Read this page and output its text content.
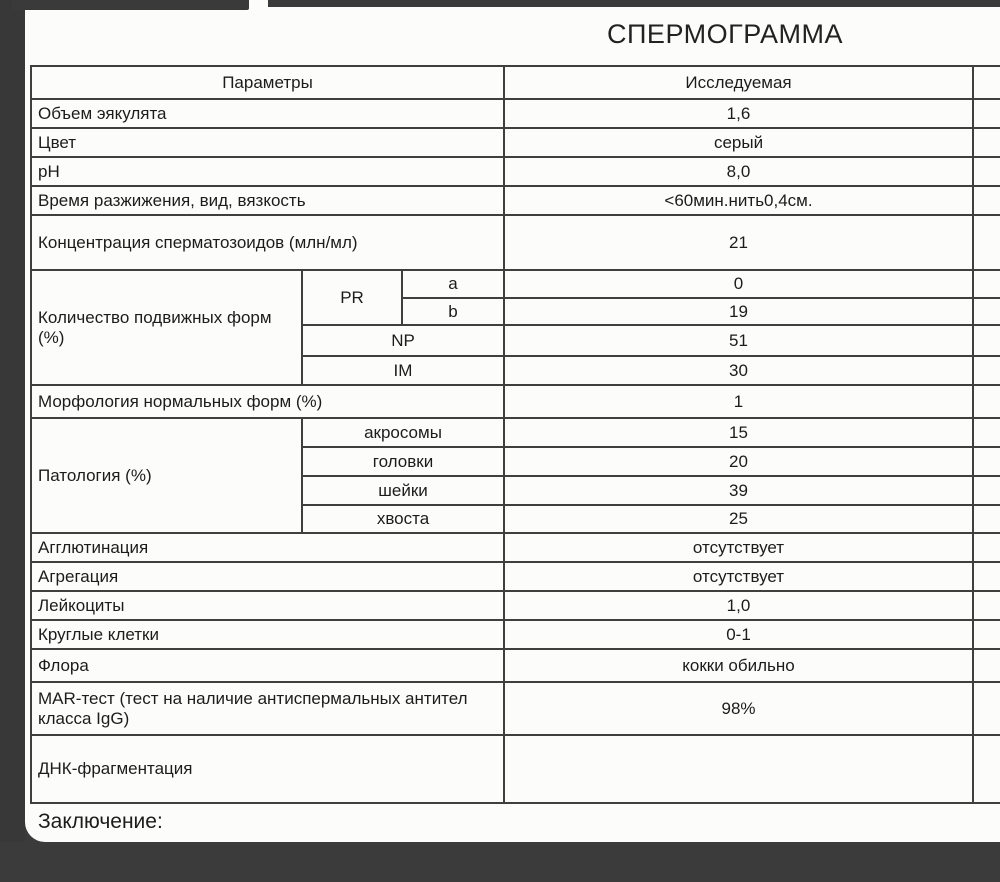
СПЕРМОГРАММА
Параметры			Исследуемая	
Объем эякулята			1,6	
Цвет			серый	
pH			8,0	
Время разжижения, вид, вязкость			<60мин.нить0,4см.	
Концентрация сперматозоидов (млн/мл)			21	
Количество подвижных форм (%)	PR	a	0	
		b	19	
	NP		51	
	IM		30	
Морфология нормальных форм (%)			1	
Патология (%)	акросомы		15	
	головки		20	
	шейки		39	
	хвоста		25	
Агглютинация			отсутствует	
Агрегация			отсутствует	
Лейкоциты			1,0	
Круглые клетки			0-1	
Флора			кокки обильно	
MAR-тест (тест на наличие антиспермальных антител класса IgG)			98%	
ДНК-фрагментация				
Заключение:
